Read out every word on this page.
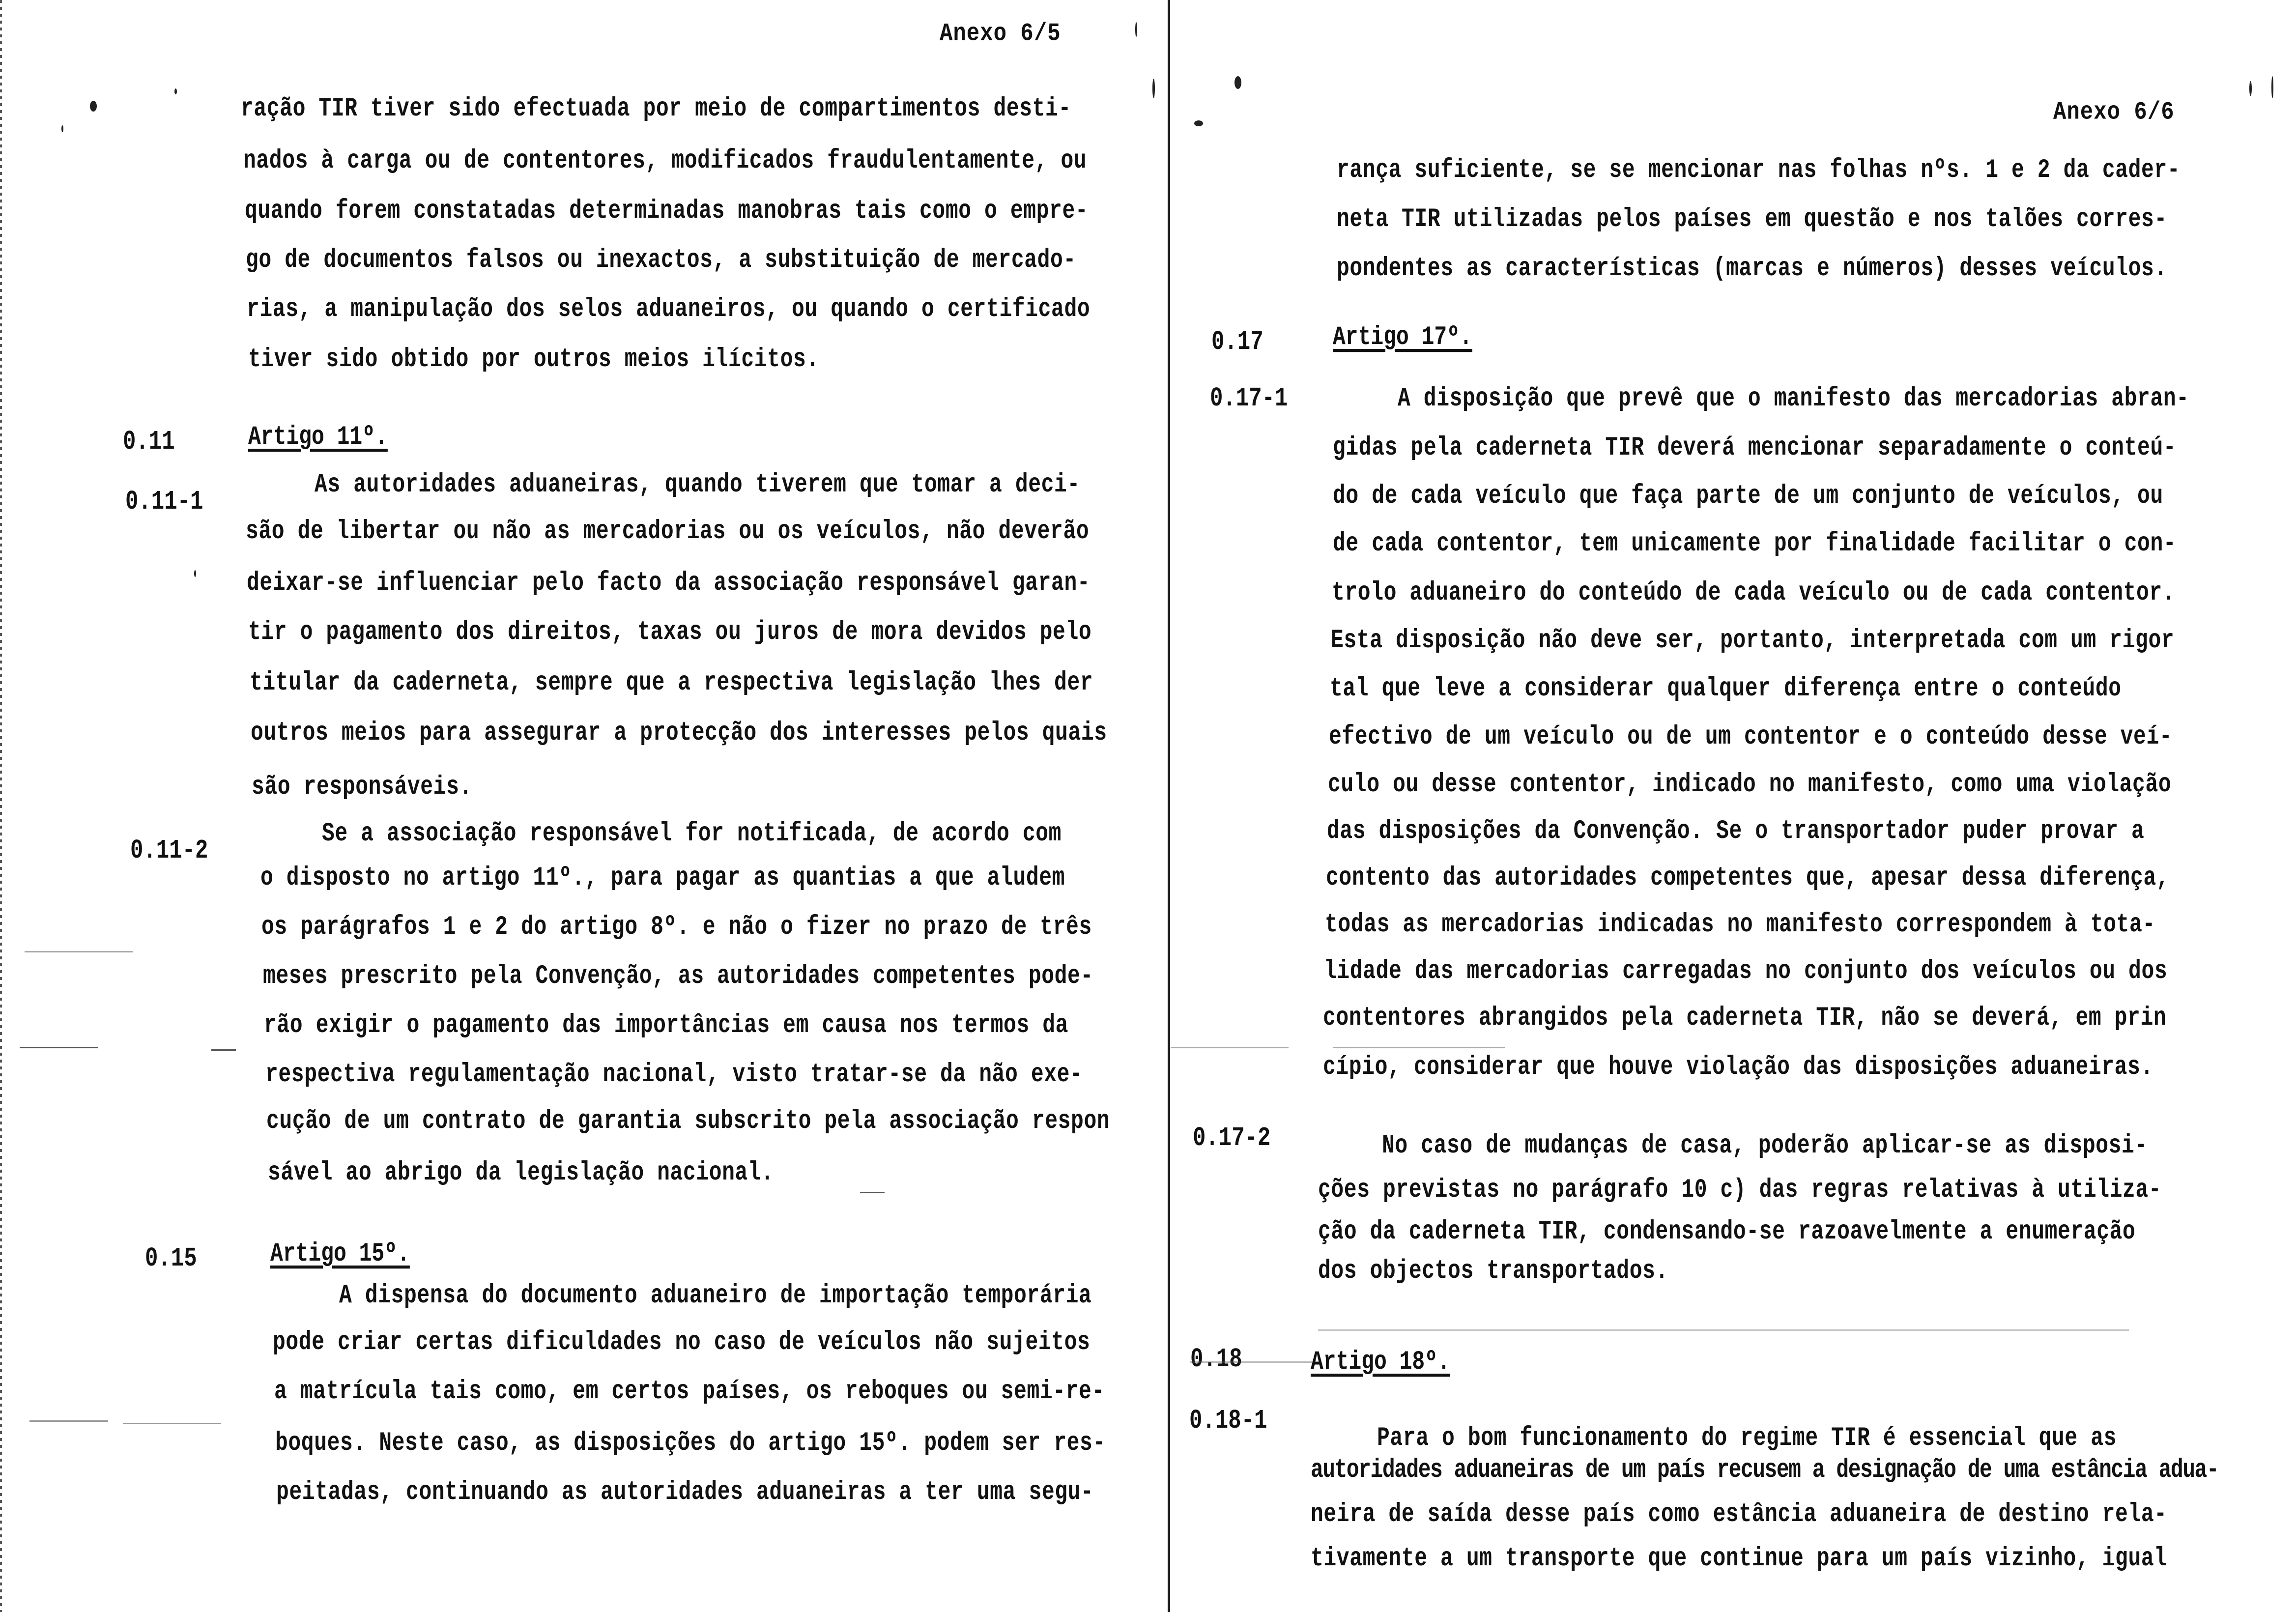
Anexo 6/5
ração TIR tiver sido efectuada por meio de compartimentos desti-
nados à carga ou de contentores, modificados fraudulentamente, ou
quando forem constatadas determinadas manobras tais como o empre-
go de documentos falsos ou inexactos, a substituição de mercado-
rias, a manipulação dos selos aduaneiros, ou quando o certificado
tiver sido obtido por outros meios ilícitos.
0.11	Artigo 11º.
0.11-1
As autoridades aduaneiras, quando tiverem que tomar a deci-
são de libertar ou não as mercadorias ou os veículos, não deverão
deixar-se influenciar pelo facto da associação responsável garan-
tir o pagamento dos direitos, taxas ou juros de mora devidos pelo
titular da caderneta, sempre que a respectiva legislação lhes der
outros meios para assegurar a protecção dos interesses pelos quais
são responsáveis.
0.11-2
Se a associação responsável for notificada, de acordo com
o disposto no artigo 11º., para pagar as quantias a que aludem
os parágrafos 1 e 2 do artigo 8º. e não o fizer no prazo de três
meses prescrito pela Convenção, as autoridades competentes pode-
rão exigir o pagamento das importâncias em causa nos termos da
respectiva regulamentação nacional, visto tratar-se da não exe-
cução de um contrato de garantia subscrito pela associação respon
sável ao abrigo da legislação nacional.
0.15	Artigo 15º.
A dispensa do documento aduaneiro de importação temporária
pode criar certas dificuldades no caso de veículos não sujeitos
a matrícula tais como, em certos países, os reboques ou semi-re-
boques. Neste caso, as disposições do artigo 15º. podem ser res-
peitadas, continuando as autoridades aduaneiras a ter uma segu-
Anexo 6/6
rança suficiente, se se mencionar nas folhas nºs. 1 e 2 da cader-
neta TIR utilizadas pelos países em questão e nos talões corres-
pondentes as características (marcas e números) desses veículos.
0.17	Artigo 17º.
0.17-1	A disposição que prevê que o manifesto das mercadorias abran-
gidas pela caderneta TIR deverá mencionar separadamente o conteú-
do de cada veículo que faça parte de um conjunto de veículos, ou
de cada contentor, tem unicamente por finalidade facilitar o con-
trolo aduaneiro do conteúdo de cada veículo ou de cada contentor.
Esta disposição não deve ser, portanto, interpretada com um rigor
tal que leve a considerar qualquer diferença entre o conteúdo
efectivo de um veículo ou de um contentor e o conteúdo desse veí-
culo ou desse contentor, indicado no manifesto, como uma violação
das disposições da Convenção. Se o transportador puder provar a
contento das autoridades competentes que, apesar dessa diferença,
todas as mercadorias indicadas no manifesto correspondem à tota-
lidade das mercadorias carregadas no conjunto dos veículos ou dos
contentores abrangidos pela caderneta TIR, não se deverá, em prin
cípio, considerar que houve violação das disposições aduaneiras.
0.17-2	No caso de mudanças de casa, poderão aplicar-se as disposi-
ções previstas no parágrafo 10 c) das regras relativas à utiliza-
ção da caderneta TIR, condensando-se razoavelmente a enumeração
dos objectos transportados.
0.18	Artigo 18º.
0.18-1
Para o bom funcionamento do regime TIR é essencial que as
autoridades aduaneiras de um país recusem a designação de uma estância adua-
neira de saída desse país como estância aduaneira de destino rela-
tivamente a um transporte que continue para um país vizinho, igual
